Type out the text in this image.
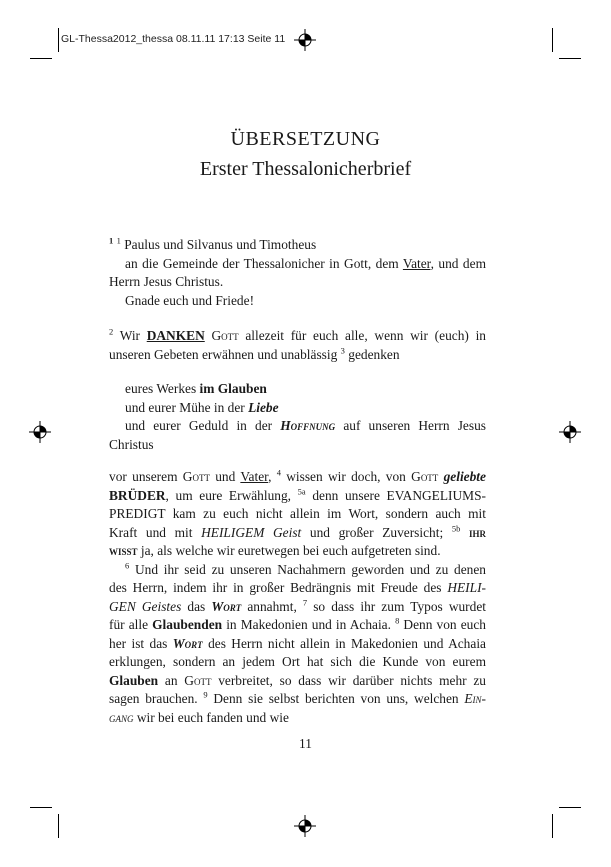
GL-Thessa2012_thessa 08.11.11 17:13 Seite 11
ÜBERSETZUNG
Erster Thessalonicherbrief
$^1$ $^1$ Paulus und Silvanus und Timotheus
an die Gemeinde der Thessalonicher in Gott, dem Vater, und dem
Herrn Jesus Christus.
Gnade euch und Friede!
$^2$ Wir DANKEN Gott allezeit für euch alle, wenn wir (euch) in
unseren Gebeten erwähnen und unablässig $^3$ gedenken
eures Werkes im Glauben
und eurer Mühe in der Liebe
und eurer Geduld in der Hoffnung auf unseren Herrn Jesus
Christus
vor unserem Gott und Vater, $^4$ wissen wir doch, von Gott geliebte
BRÜDER, um eure Erwählung, $^{5a}$ denn unsere EVANGELIUMS-
PREDIGT kam zu euch nicht allein im Wort, sondern auch mit
Kraft und mit HEILIGEM Geist und großer Zuversicht; $^{5b}$ ihr
wisst ja, als welche wir euretwegen bei euch aufgetreten sind.
$^6$ Und ihr seid zu unseren Nachahmern geworden und zu denen
des Herrn, indem ihr in großer Bedrängnis mit Freude des HEILI-
GEN Geistes das Wort annahmt, $^7$ so dass ihr zum Typos wurdet
für alle Glaubenden in Makedonien und in Achaia. $^8$ Denn von euch
her ist das Wort des Herrn nicht allein in Makedonien und Achaia
erklungen, sondern an jedem Ort hat sich die Kunde von eurem
Glauben an Gott verbreitet, so dass wir darüber nichts mehr zu
sagen brauchen. $^9$ Denn sie selbst berichten von uns, welchen Ein-
gang wir bei euch fanden und wie
11
